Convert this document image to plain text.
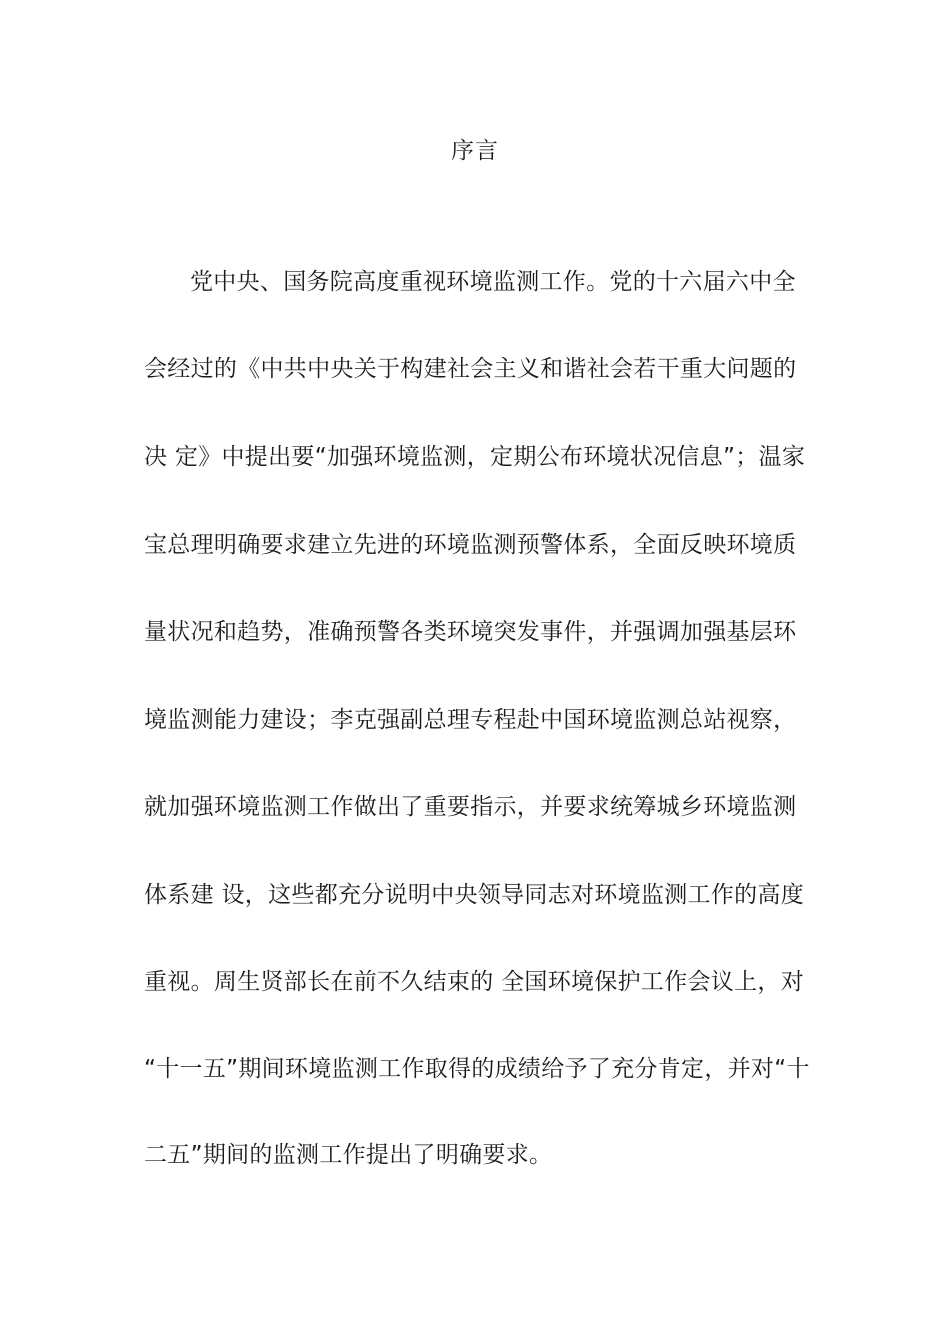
序言
党中央、国务院高度重视环境监测工作。党的十六届六中全
会经过的《中共中央关于构建社会主义和谐社会若干重大问题的
决 定》中提出要“加强环境监测，定期公布环境状况信息”；温家
宝总理明确要求建立先进的环境监测预警体系，全面反映环境质
量状况和趋势，准确预警各类环境突发事件，并强调加强基层环
境监测能力建设；李克强副总理专程赴中国环境监测总站视察，
就加强环境监测工作做出了重要指示，并要求统筹城乡环境监测
体系建 设，这些都充分说明中央领导同志对环境监测工作的高度
重视。周生贤部长在前不久结束的 全国环境保护工作会议上，对
“十一五”期间环境监测工作取得的成绩给予了充分肯定，并对“十
二五”期间的监测工作提出了明确要求。
